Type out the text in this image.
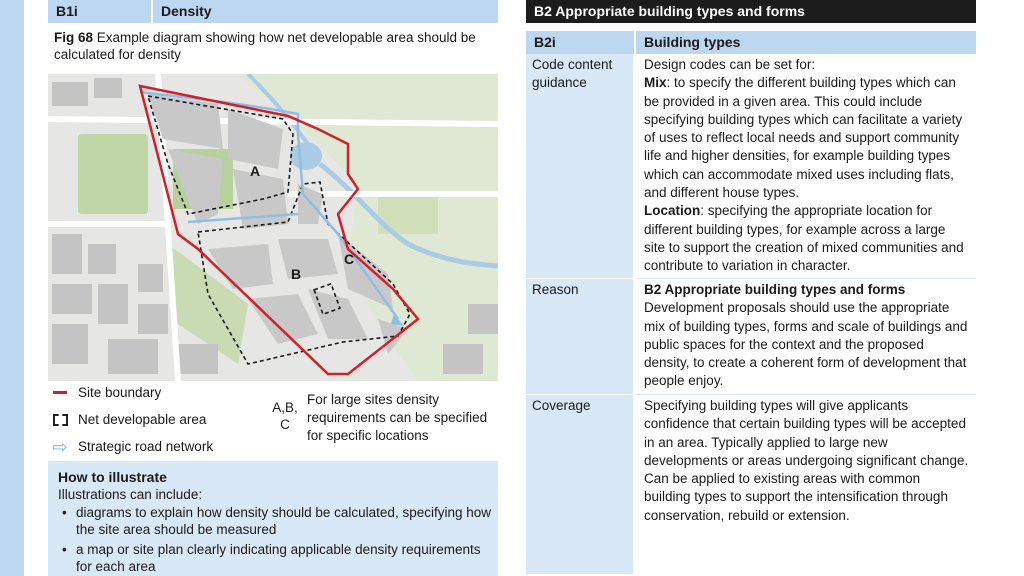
B1i	Density
Fig 68 Example diagram showing how net developable area should be calculated for density
A
B
C
Site boundary
Net developable area
⇨ Strategic road network
A,B, C
For large sites density requirements can be specified for specific locations
How to illustrate
Illustrations can include:
• diagrams to explain how density should be calculated, specifying how the site area should be measured
• a map or site plan clearly indicating applicable density requirements for each area
B2 Appropriate building types and forms
B2i	Building types
Code content guidance

Design codes can be set for:

Mix: to specify the different building types which can be provided in a given area. This could include specifying building types which can facilitate a variety of uses to reflect local needs and support community life and higher densities, for example building types which can accommodate mixed uses including flats, and different house types.

Location: specifying the appropriate location for different building types, for example across a large site to support the creation of mixed communities and contribute to variation in character.

Reason	B2 Appropriate building types and forms

Development proposals should use the appropriate mix of building types, forms and scale of buildings and public spaces for the context and the proposed density, to create a coherent form of development that people enjoy.

Coverage	Specifying building types will give applicants confidence that certain building types will be accepted in an area. Typically applied to large new developments or areas undergoing significant change. Can be applied to existing areas with common building types to support the intensification through conservation, rebuild or extension.
